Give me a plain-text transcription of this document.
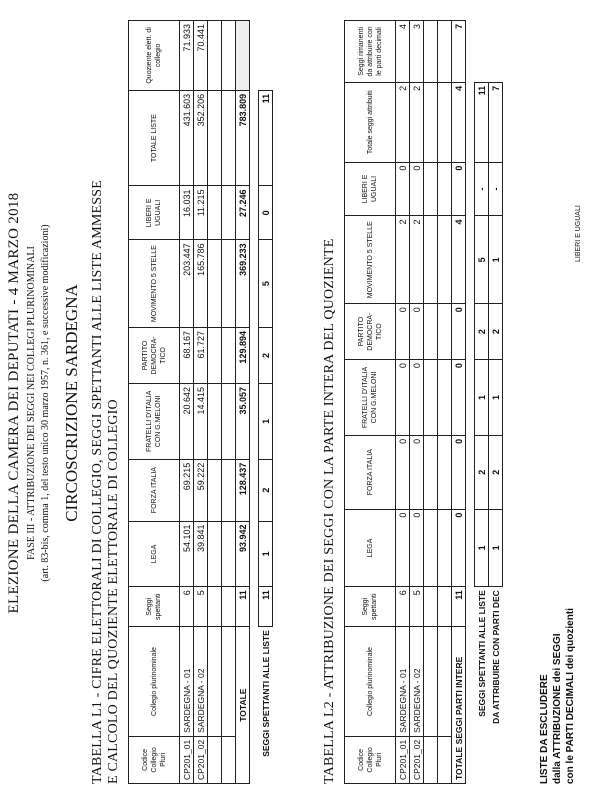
ELEZIONE DELLA CAMERA DEI DEPUTATI - 4 MARZO 2018 FASE III - ATTRIBUZIONE DEI SEGGI NEI COLLEGI PLURINOMINALI (art. 83-bis, comma 1, del testo unico 30 marzo 1957, n. 361, e successive modificazioni) CIRCOSCRIZIONE SARDEGNA TABELLA L1 - CIFRE ELETTORALI DI COLLEGIO, SEGGI SPETTANTI ALLE LISTE AMMESSE E CALCOLO DEL QUOZIENTE ELETTORALE DI COLLEGIO	Codice Collegio Pluri	Collegio plurinominale	Seggi spettanti	LEGA	FORZA ITALIA	FRATELLI D'ITALIA CON G.MELONI	PARTITO DEMOCRA-TICO	MOVIMENTO 5 STELLE	LIBERI E UGUALI	TOTALE LISTE	Quoziente elett. di collegio
CP201_01	SARDEGNA - 01	6	54.101	69.215	20.642	68.167	203.447	16.031	431.603	71.933
CP201_02	SARDEGNA - 02	5	39.841	59.222	14.415	61.727	165.786	11.215	352.206	70.441

TOTALE		11	93.942	128.437	35.057	129.894	369.233	27.246	783.809	

SEGGI SPETTANTI ALLE LISTE		11	1	2	1	2	5	0	11	
TABELLA L2 - ATTRIBUZIONE DEI SEGGI CON LA PARTE INTERA DEL QUOZIENTE	Codice Collegio Pluri	Collegio plurinominale	Seggi spettanti	LEGA	FORZA ITALIA	FRATELLI D'ITALIA CON G.MELONI	PARTITO DEMOCRA-TICO	MOVIMENTO 5 STELLE	LIBERI E UGUALI	Totale seggi attribuiti	Seggi rimanenti da attribuire con le parti decimali
CP201_01	SARDEGNA - 01	6	0	0	0	0	2	0	2	4
CP201_02	SARDEGNA - 02	5	0	0	0	0	2	0	2	3

TOTALE SEGGI PARTI INTERE		11	0	0	0	0	4	0	4	7

SEGGI SPETTANTI ALLE LISTE			1	2	1	2	5	-	11	
DA ATTRIBUIRE CON PARTI DEC			1	2	1	2	1	-	7	
LISTE DA ESCLUDERE dalla ATTRIBUZIONE dei SEGGI con le PARTI DECIMALI dei quozienti
LIBERI E UGUALI
